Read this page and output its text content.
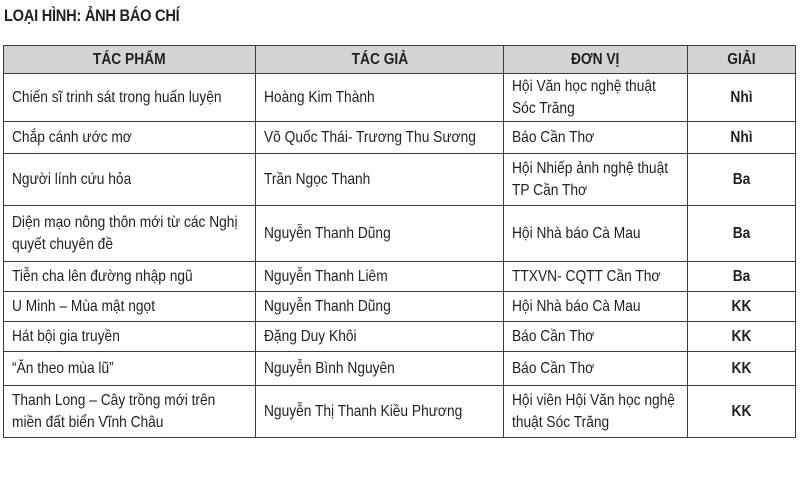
LOẠI HÌNH: ẢNH BÁO CHÍ
TÁC PHẨM	TÁC GIẢ	ĐƠN VỊ	GIẢI

Chiến sĩ trinh sát trong huấn luyện	Hoàng Kim Thành	Hội Văn học nghệ thuật Sóc Trăng	Nhì

Chắp cánh ước mơ	Võ Quốc Thái- Trương Thu Sương	Báo Cần Thơ	Nhì

Người lính cứu hỏa	Trần Ngọc Thanh	Hội Nhiếp ảnh nghệ thuật TP Cần Thơ	Ba

Diện mạo nông thôn mới từ các Nghị quyết chuyên đề	Nguyễn Thanh Dũng	Hội Nhà báo Cà Mau	Ba

Tiễn cha lên đường nhập ngũ	Nguyễn Thanh Liêm	TTXVN- CQTT Cần Thơ	Ba

U Minh – Mùa mật ngọt	Nguyễn Thanh Dũng	Hội Nhà báo Cà Mau	KK

Hát bội gia truyền	Đặng Duy Khôi	Báo Cần Thơ	KK

“Ăn theo mùa lũ”	Nguyễn Bình Nguyên	Báo Cần Thơ	KK

Thanh Long – Cây trồng mới trên miền đất biển Vĩnh Châu	Nguyễn Thị Thanh Kiều Phương	Hội viên Hội Văn học nghệ thuật Sóc Trăng	KK
